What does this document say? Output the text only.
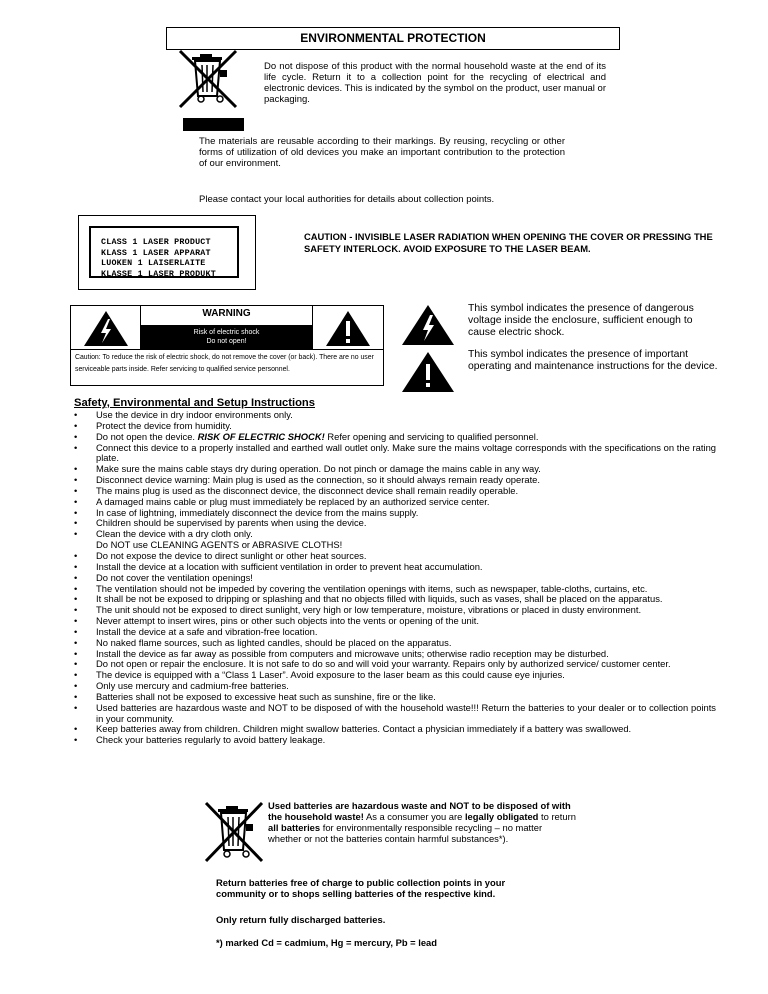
ENVIRONMENTAL PROTECTION
Do not dispose of this product with the normal household waste at the end of its life cycle. Return it to a collection point for the recycling of electrical and electronic devices. This is indicated by the symbol on the product, user manual or packaging.
The materials are reusable according to their markings. By reusing, recycling or other forms of utilization of old devices you make an important contribution to the protection of our environment.
Please contact your local authorities for details about collection points.
CLASS 1 LASER PRODUCT
KLASS 1 LASER APPARAT
LUOKEN 1 LAISERLAITE
KLASSE 1 LASER PRODUKT
CAUTION - INVISIBLE LASER RADIATION WHEN OPENING THE COVER OR PRESSING THE SAFETY INTERLOCK. AVOID EXPOSURE TO THE LASER BEAM.
WARNING
Risk of electric shock
Do not open!
Caution: To reduce the risk of electric shock, do not remove the cover (or back). There are no user serviceable parts inside. Refer servicing to qualified service personnel.
This symbol indicates the presence of dangerous voltage inside the enclosure, sufficient enough to cause electric shock.
This symbol indicates the presence of important operating and maintenance instructions for the device.
Safety, Environmental and Setup Instructions
• Use the device in dry indoor environments only.
• Protect the device from humidity.
• Do not open the device. RISK OF ELECTRIC SHOCK! Refer opening and servicing to qualified personnel.
• Connect this device to a properly installed and earthed wall outlet only. Make sure the mains voltage corresponds with the specifications on the rating plate.
• Make sure the mains cable stays dry during operation. Do not pinch or damage the mains cable in any way.
• Disconnect device warning: Main plug is used as the connection, so it should always remain ready operate.
• The mains plug is used as the disconnect device, the disconnect device shall remain readily operable.
• A damaged mains cable or plug must immediately be replaced by an authorized service center.
• In case of lightning, immediately disconnect the device from the mains supply.
• Children should be supervised by parents when using the device.
• Clean the device with a dry cloth only.
Do NOT use CLEANING AGENTS or ABRASIVE CLOTHS!
• Do not expose the device to direct sunlight or other heat sources.
• Install the device at a location with sufficient ventilation in order to prevent heat accumulation.
• Do not cover the ventilation openings!
• The ventilation should not be impeded by covering the ventilation openings with items, such as newspaper, table-cloths, curtains, etc.
• It shall be not be exposed to dripping or splashing and that no objects filled with liquids, such as vases, shall be placed on the apparatus.
• The unit should not be exposed to direct sunlight, very high or low temperature, moisture, vibrations or placed in dusty environment.
• Never attempt to insert wires, pins or other such objects into the vents or opening of the unit.
• Install the device at a safe and vibration-free location.
• No naked flame sources, such as lighted candles, should be placed on the apparatus.
• Install the device as far away as possible from computers and microwave units; otherwise radio reception may be disturbed.
• Do not open or repair the enclosure. It is not safe to do so and will void your warranty. Repairs only by authorized service/ customer center.
• The device is equipped with a “Class 1 Laser”. Avoid exposure to the laser beam as this could cause eye injuries.
• Only use mercury and cadmium-free batteries.
• Batteries shall not be exposed to excessive heat such as sunshine, fire or the like.
• Used batteries are hazardous waste and NOT to be disposed of with the household waste!!! Return the batteries to your dealer or to collection points in your community.
• Keep batteries away from children. Children might swallow batteries. Contact a physician immediately if a battery was swallowed.
• Check your batteries regularly to avoid battery leakage.
Used batteries are hazardous waste and NOT to be disposed of with the household waste! As a consumer you are legally obligated to return all batteries for environmentally responsible recycling – no matter whether or not the batteries contain harmful substances*).
Return batteries free of charge to public collection points in your community or to shops selling batteries of the respective kind.
Only return fully discharged batteries.
*) marked Cd = cadmium, Hg = mercury, Pb = lead
